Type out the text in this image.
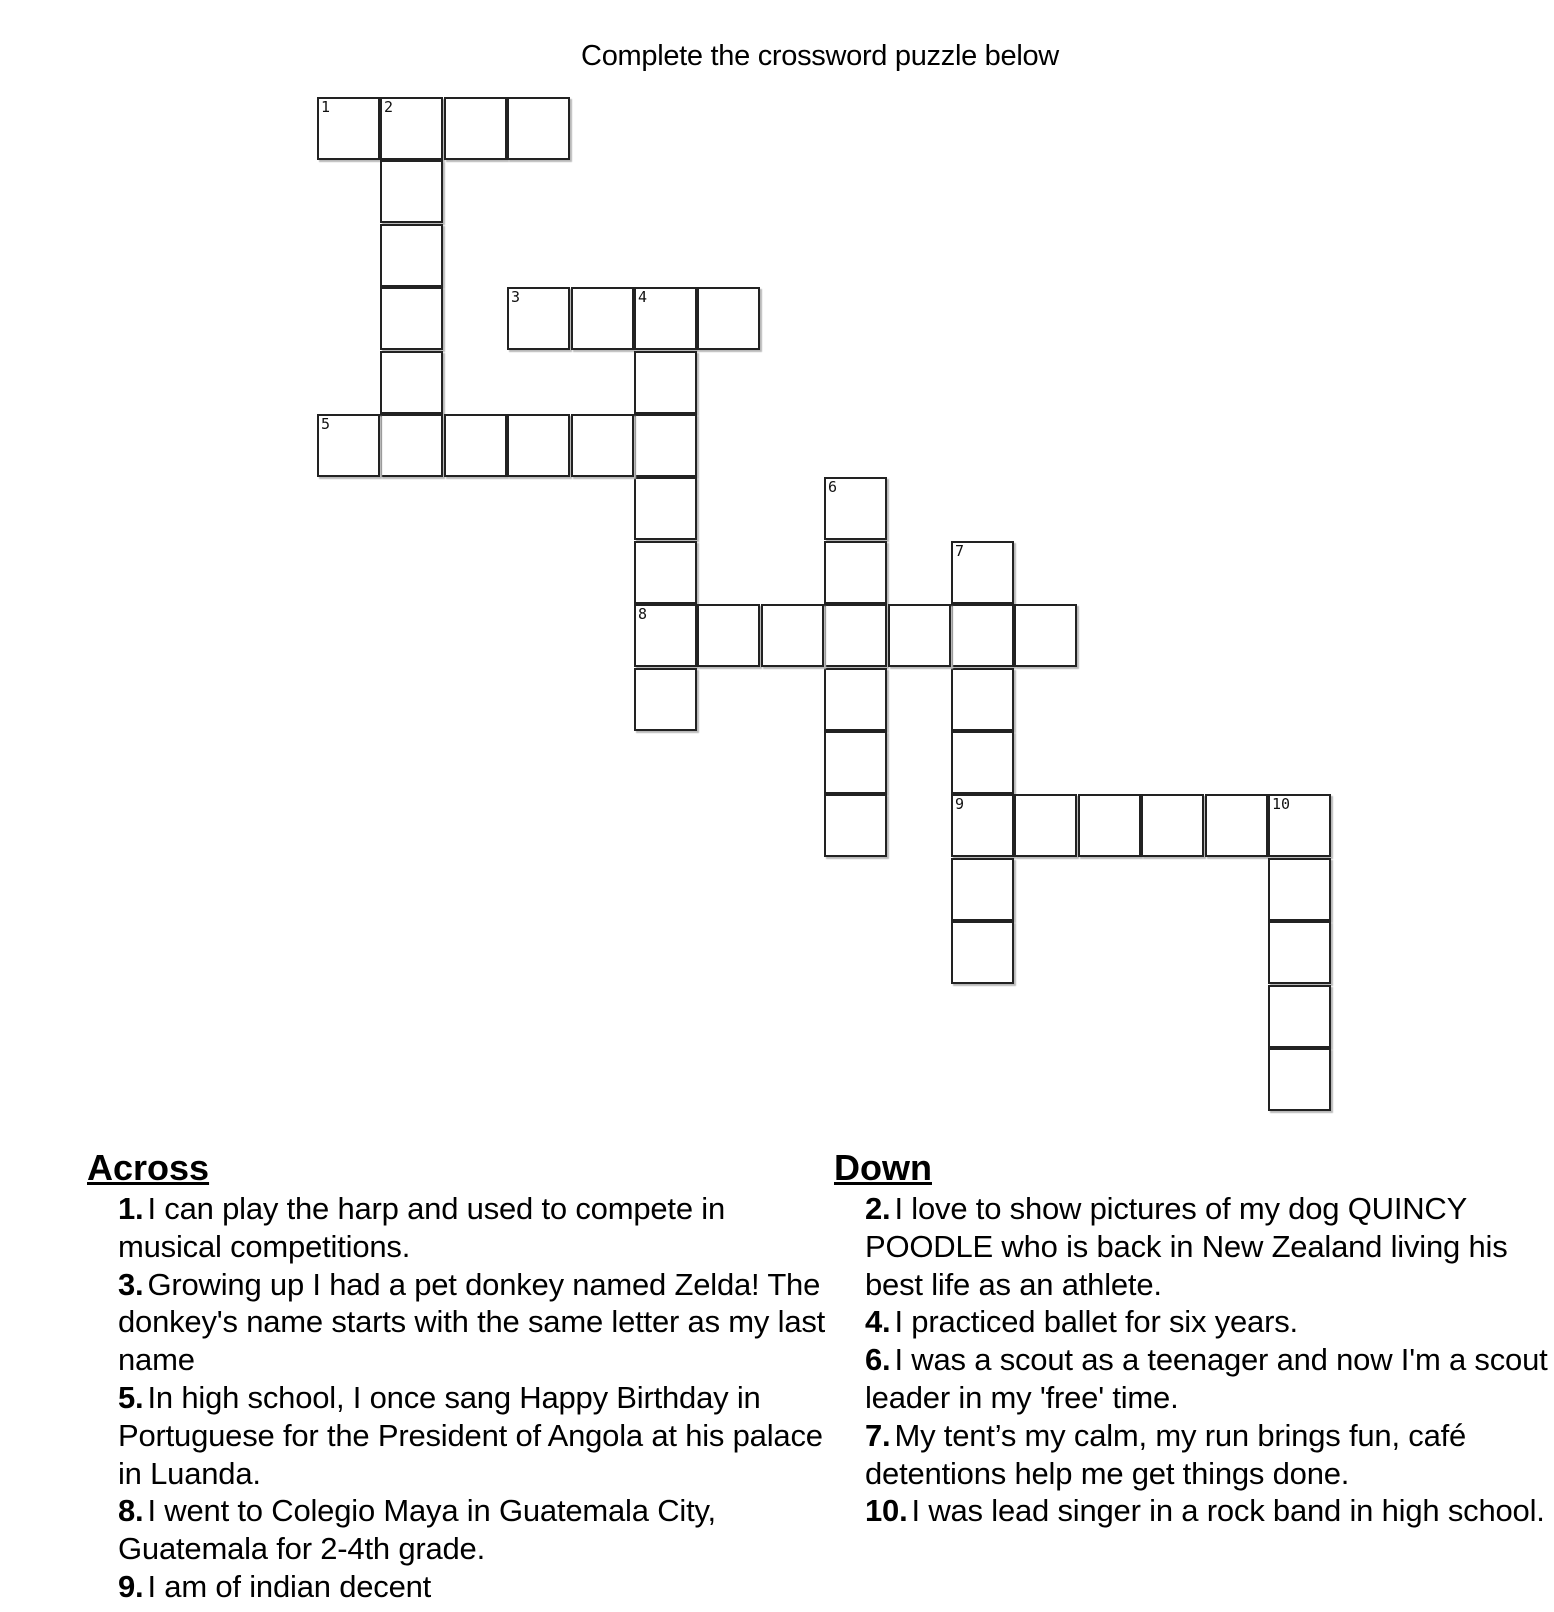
Complete the crossword puzzle below
1	2
3	4
8
5
6
7
9	10
Across
1. I can play the harp and used to compete in musical competitions.
3. Growing up I had a pet donkey named Zelda! The donkey's name starts with the same letter as my last name
5. In high school, I once sang Happy Birthday in Portuguese for the President of Angola at his palace in Luanda.
8. I went to Colegio Maya in Guatemala City, Guatemala for 2-4th grade.
9. I am of indian decent
Down
2. I love to show pictures of my dog QUINCY POODLE who is back in New Zealand living his best life as an athlete.
4. I practiced ballet for six years.
6. I was a scout as a teenager and now I'm a scout leader in my 'free' time.
7. My tent’s my calm, my run brings fun, café detentions help me get things done.
10. I was lead singer in a rock band in high school.
